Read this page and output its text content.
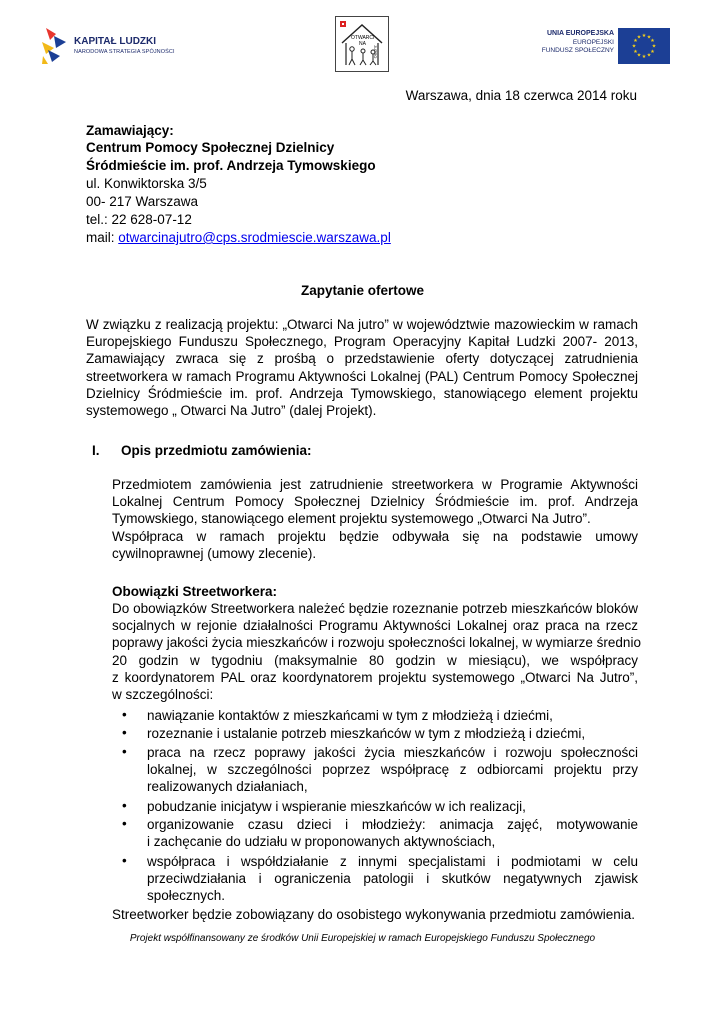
KAPITAŁ LUDZKI
NARODOWA STRATEGIA SPÓJNOŚCI
OTWARCI
NA
JUTRO
UNIA EUROPEJSKA
EUROPEJSKI
FUNDUSZ SPOŁECZNY
★ ★
★
★
★
★
★
★
★
★
★
★
Warszawa, dnia 18 czerwca 2014 roku
Zamawiający:
Centrum Pomocy Społecznej Dzielnicy
Śródmieście im. prof. Andrzeja Tymowskiego
ul. Konwiktorska 3/5
00- 217 Warszawa
tel.: 22 628-07-12
mail: otwarcinajutro@cps.srodmiescie.warszawa.pl
Zapytanie ofertowe
W związku z realizacją projektu: „Otwarci Na jutro” w województwie mazowieckim w ramach
Europejskiego Funduszu Społecznego, Program Operacyjny Kapitał Ludzki 2007- 2013,
Zamawiający zwraca się z prośbą o przedstawienie oferty dotyczącej zatrudnienia
streetworkera w ramach Programu Aktywności Lokalnej (PAL) Centrum Pomocy Społecznej
Dzielnicy Śródmieście im. prof. Andrzeja Tymowskiego, stanowiącego element projektu
systemowego „ Otwarci Na Jutro” (dalej Projekt).
I. Opis przedmiotu zamówienia:
Przedmiotem zamówienia jest zatrudnienie streetworkera w Programie Aktywności
Lokalnej Centrum Pomocy Społecznej Dzielnicy Śródmieście im. prof. Andrzeja
Tymowskiego, stanowiącego element projektu systemowego „Otwarci Na Jutro”.
Współpraca w ramach projektu będzie odbywała się na podstawie umowy
cywilnoprawnej (umowy zlecenie).
Obowiązki Streetworkera:
Do obowiązków Streetworkera należeć będzie rozeznanie potrzeb mieszkańców bloków
socjalnych w rejonie działalności Programu Aktywności Lokalnej oraz praca na rzecz
poprawy jakości życia mieszkańców i rozwoju społeczności lokalnej, w wymiarze średnio
20 godzin w tygodniu (maksymalnie 80 godzin w miesiącu), we współpracy
z koordynatorem PAL oraz koordynatorem projektu systemowego „Otwarci Na Jutro”,
w szczególności:
• nawiązanie kontaktów z mieszkańcami w tym z młodzieżą i dziećmi,
• rozeznanie i ustalanie potrzeb mieszkańców w tym z młodzieżą i dziećmi,
• praca na rzecz poprawy jakości życia mieszkańców i rozwoju społeczności
lokalnej, w szczególności poprzez współpracę z odbiorcami projektu przy
realizowanych działaniach,
• pobudzanie inicjatyw i wspieranie mieszkańców w ich realizacji,
• organizowanie czasu dzieci i młodzieży: animacja zajęć, motywowanie
i zachęcanie do udziału w proponowanych aktywnościach,
• współpraca i współdziałanie z innymi specjalistami i podmiotami w celu
przeciwdziałania i ograniczenia patologii i skutków negatywnych zjawisk
społecznych.
Streetworker będzie zobowiązany do osobistego wykonywania przedmiotu zamówienia.
Projekt współfinansowany ze środków Unii Europejskiej w ramach Europejskiego Funduszu Społecznego
